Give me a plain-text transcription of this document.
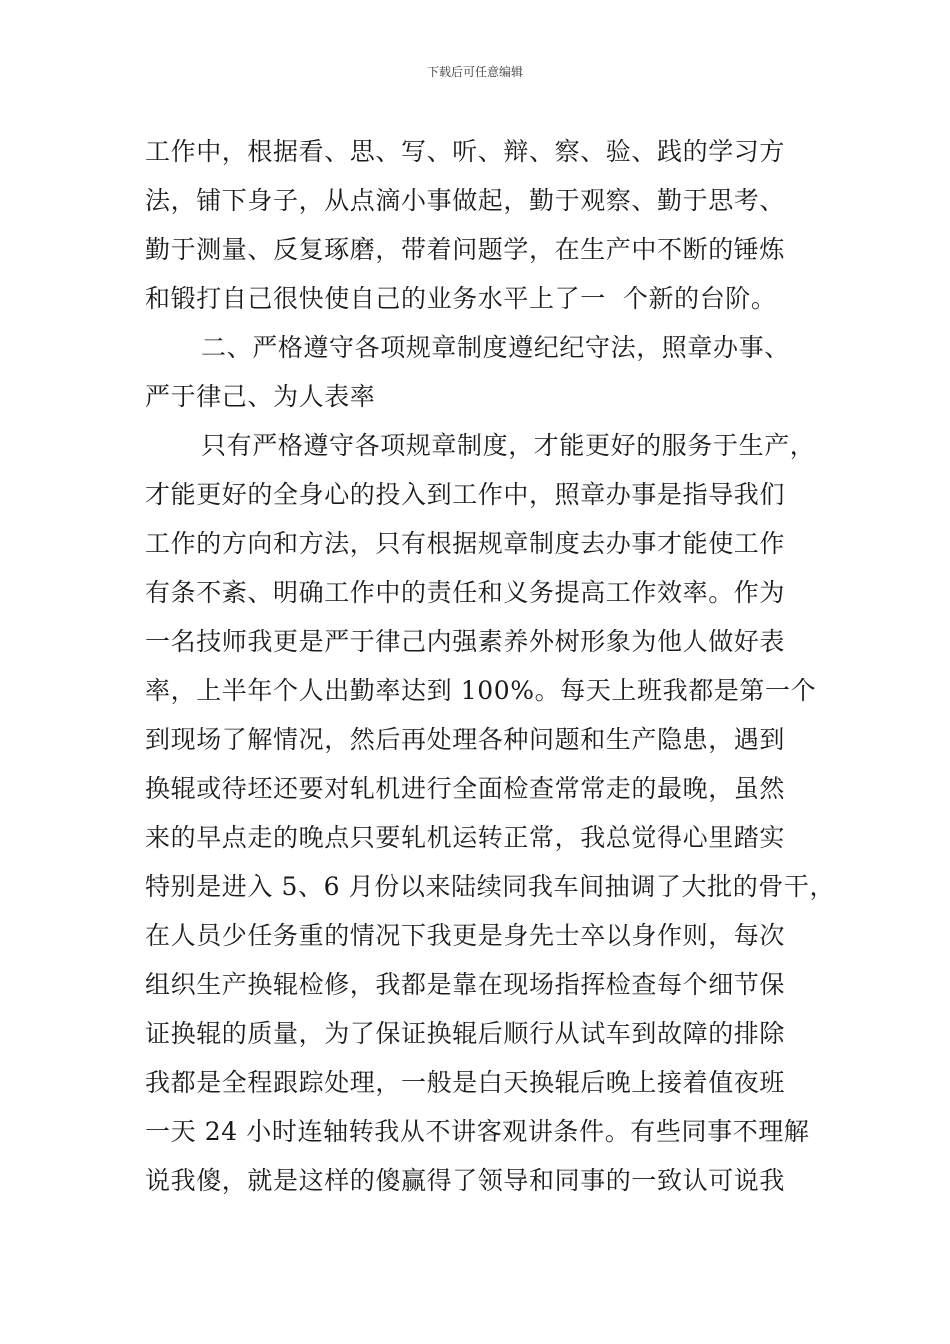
下载后可任意编辑
工作中，根据看、思、写、听、辩、察、验、践的学习方
法，铺下身子，从点滴小事做起，勤于观察、勤于思考、
勤于测量、反复琢磨，带着问题学，在生产中不断的锤炼
和锻打自己很快使自己的业务水平上了一  个新的台阶。
二、严格遵守各项规章制度遵纪纪守法，照章办事、
严于律己、为人表率
只有严格遵守各项规章制度，才能更好的服务于生产，
才能更好的全身心的投入到工作中，照章办事是指导我们
工作的方向和方法，只有根据规章制度去办事才能使工作
有条不紊、明确工作中的责任和义务提高工作效率。作为
一名技师我更是严于律己内强素养外树形象为他人做好表
率，上半年个人出勤率达到 100%。每天上班我都是第一个
到现场了解情况，然后再处理各种问题和生产隐患，遇到
换辊或待坯还要对轧机进行全面检查常常走的最晚，虽然
来的早点走的晚点只要轧机运转正常，我总觉得心里踏实
特别是进入 5、6 月份以来陆续同我车间抽调了大批的骨干，
在人员少任务重的情况下我更是身先士卒以身作则，每次
组织生产换辊检修，我都是靠在现场指挥检查每个细节保
证换辊的质量，为了保证换辊后顺行从试车到故障的排除
我都是全程跟踪处理，一般是白天换辊后晚上接着值夜班
一天 24 小时连轴转我从不讲客观讲条件。有些同事不理解
说我傻，就是这样的傻赢得了领导和同事的一致认可说我
